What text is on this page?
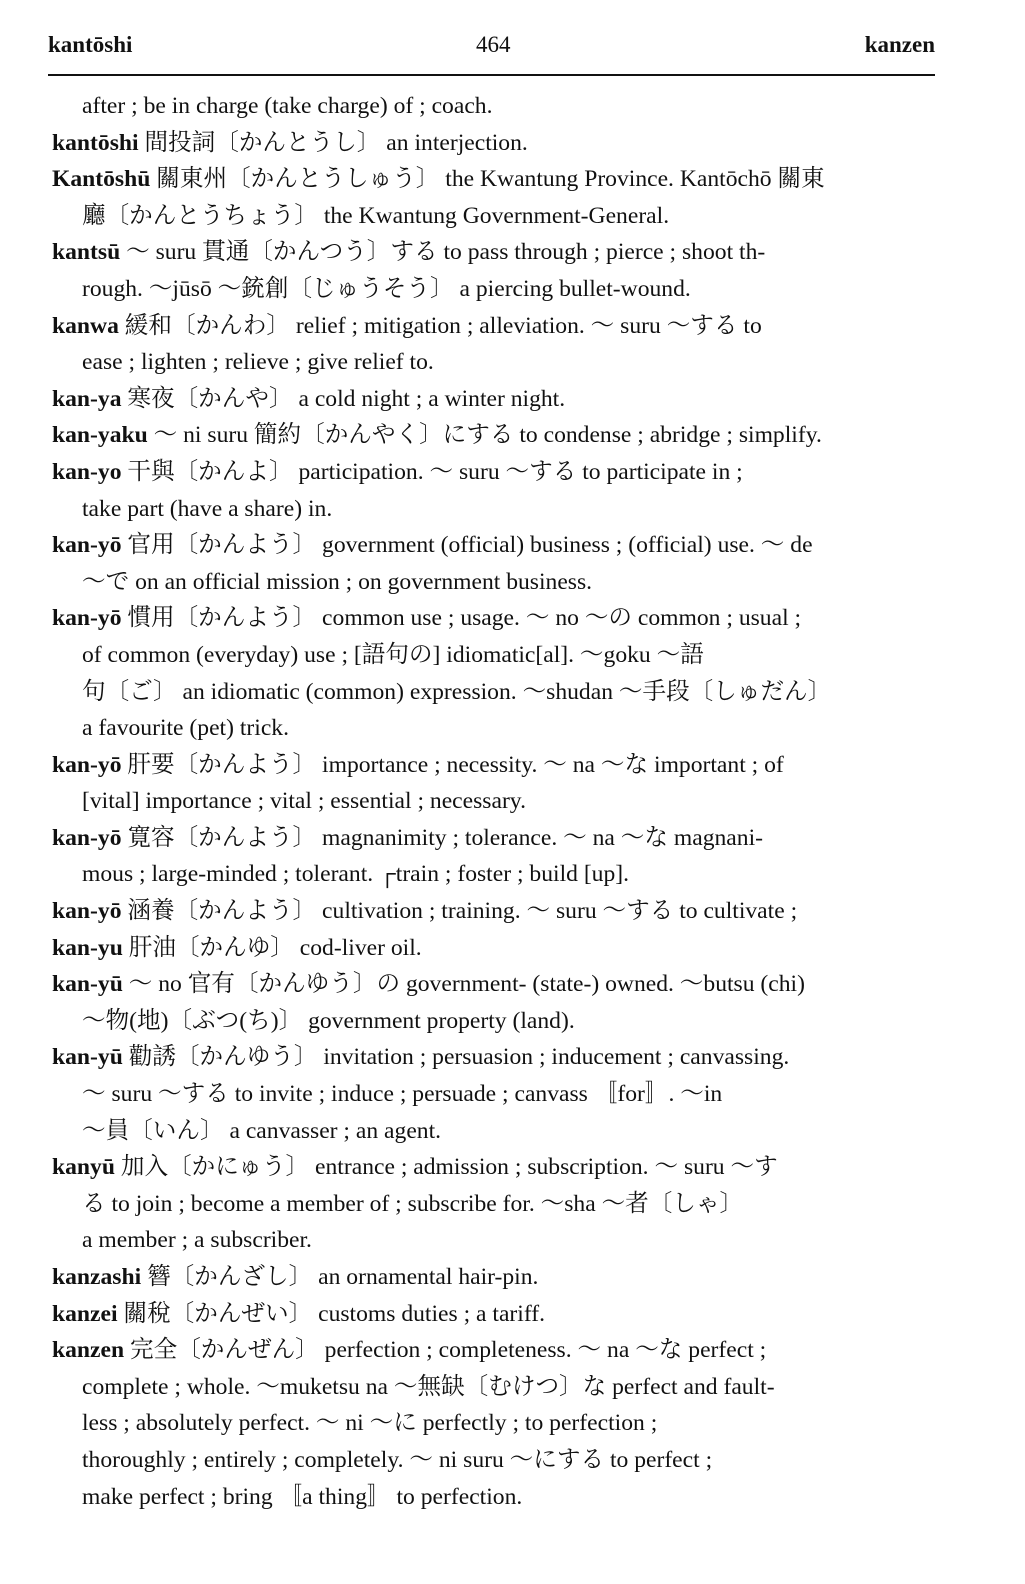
kantōshi	464	kanzen
after ; be in charge (take charge) of ; coach.
kantōshi 間投詞〔かんとうし〕 an interjection.
Kantōshū 關東州〔かんとうしゅう〕 the Kwantung Province. Kantōchō 關東
廳〔かんとうちょう〕 the Kwantung Government-General.
kantsū ～ suru 貫通〔かんつう〕する to pass through ; pierce ; shoot th-
rough. ～jūsō ～銃創〔じゅうそう〕 a piercing bullet-wound.
kanwa 緩和〔かんわ〕 relief ; mitigation ; alleviation. ～ suru ～する to
ease ; lighten ; relieve ; give relief to.
kan-ya 寒夜〔かんや〕 a cold night ; a winter night.
kan-yaku ～ ni suru 簡約〔かんやく〕にする to condense ; abridge ; simplify.
kan-yo 干與〔かんよ〕 participation. ～ suru ～する to participate in ;
take part (have a share) in.
kan-yō 官用〔かんよう〕 government (official) business ; (official) use. ～ de
～で on an official mission ; on government business.
kan-yō 慣用〔かんよう〕 common use ; usage. ～ no ～の common ; usual ;
of common (everyday) use ; [語句の] idiomatic[al]. ～goku ～語
句〔ご〕 an idiomatic (common) expression. ～shudan ～手段〔しゅだん〕
a favourite (pet) trick.
kan-yō 肝要〔かんよう〕 importance ; necessity. ～ na ～な important ; of
[vital] importance ; vital ; essential ; necessary.
kan-yō 寛容〔かんよう〕 magnanimity ; tolerance. ～ na ～な magnani-
mous ; large-minded ; tolerant. ┌train ; foster ; build [up].
kan-yō 涵養〔かんよう〕 cultivation ; training. ～ suru ～する to cultivate ;
kan-yu 肝油〔かんゆ〕 cod-liver oil.
kan-yū ～ no 官有〔かんゆう〕の government- (state-) owned. ～butsu (chi)
～物(地)〔ぶつ(ち)〕 government property (land).
kan-yū 勸誘〔かんゆう〕 invitation ; persuasion ; inducement ; canvassing.
～ suru ～する to invite ; induce ; persuade ; canvass 〚for〛. ～in
～員〔いん〕 a canvasser ; an agent.
kanyū 加入〔かにゅう〕 entrance ; admission ; subscription. ～ suru ～す
る to join ; become a member of ; subscribe for. ～sha ～者〔しゃ〕
a member ; a subscriber.
kanzashi 簪〔かんざし〕 an ornamental hair-pin.
kanzei 關稅〔かんぜい〕 customs duties ; a tariff.
kanzen 完全〔かんぜん〕 perfection ; completeness. ～ na ～な perfect ;
complete ; whole. ～muketsu na ～無缺〔むけつ〕な perfect and fault-
less ; absolutely perfect. ～ ni ～に perfectly ; to perfection ;
thoroughly ; entirely ; completely. ～ ni suru ～にする to perfect ;
make perfect ; bring 〚a thing〛 to perfection.
